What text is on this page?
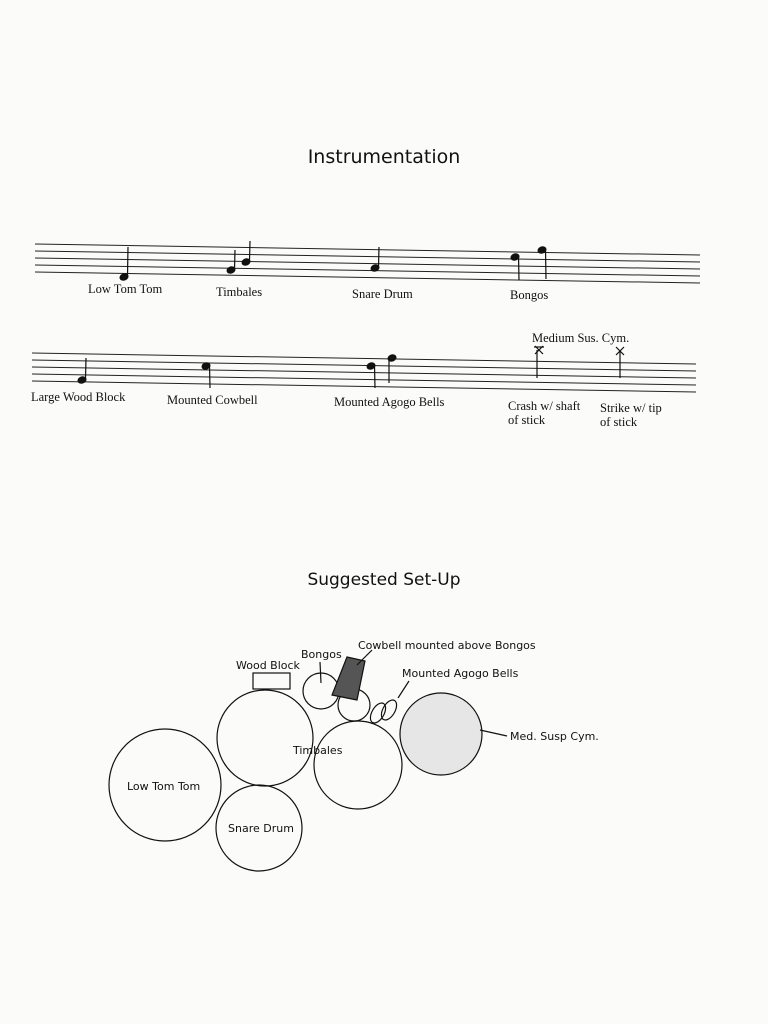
Instrumentation
Low Tom Tom	Timbales	Snare Drum	Bongos
Medium Sus. Cym.
Large Wood Block	Mounted Cowbell	Mounted Agogo Bells	Crash w/ shaft
of stick
Strike w/ tip
of stick
Suggested Set-Up
Cowbell mounted above Bongos
Bongos
Wood Block
Mounted Agogo Bells
Timbales
Med. Susp Cym.
Low Tom Tom
Snare Drum
